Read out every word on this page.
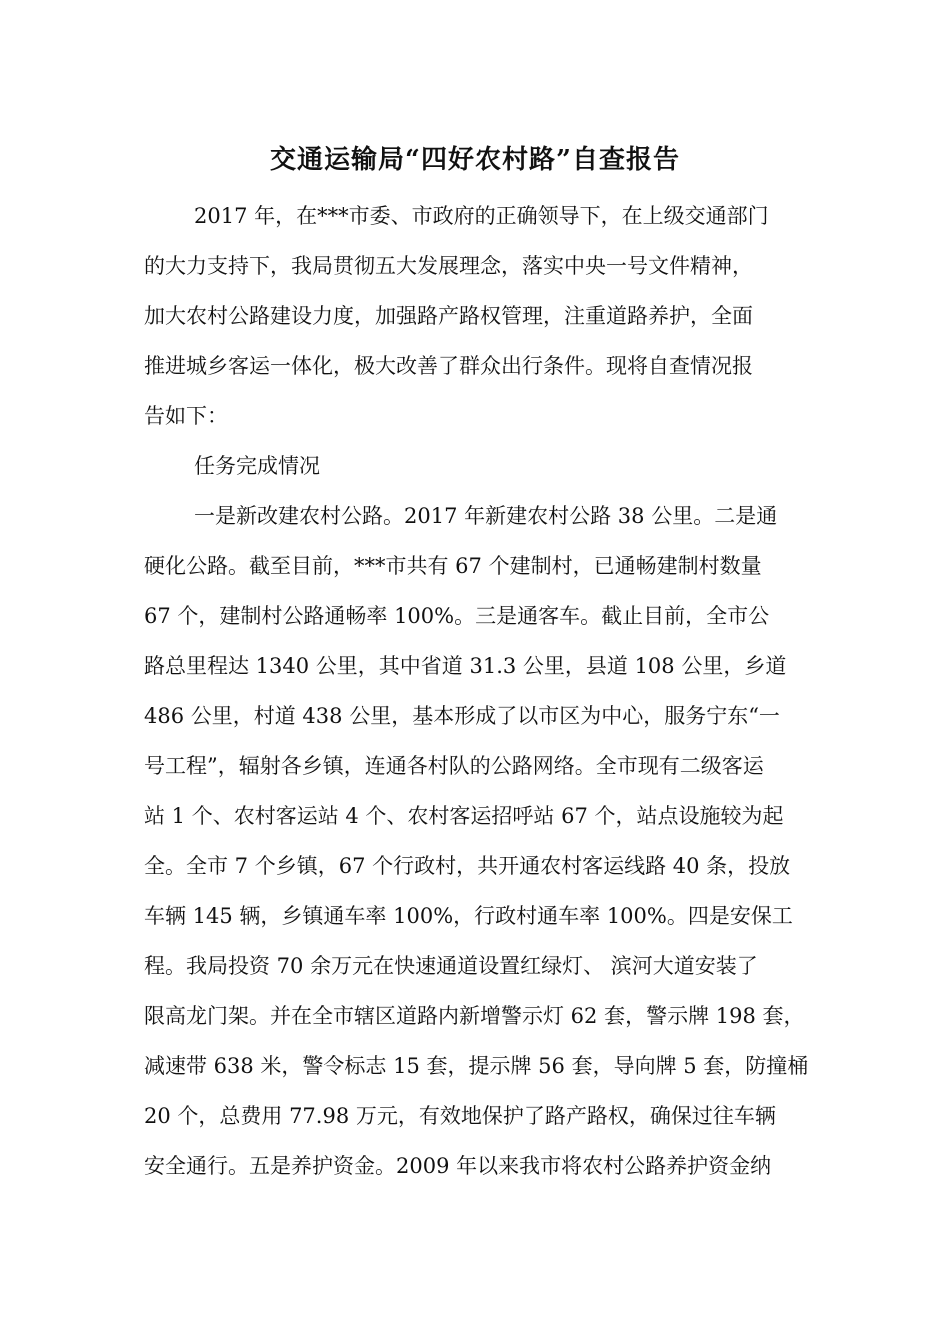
交通运输局“四好农村路”自查报告

2017 年，在***市委、市政府的正确领导下，在上级交通部门

的大力支持下，我局贯彻五大发展理念，落实中央一号文件精神，

加大农村公路建设力度，加强路产路权管理，注重道路养护，全面

推进城乡客运一体化，极大改善了群众出行条件。现将自查情况报

告如下：

任务完成情况

一是新改建农村公路。2017 年新建农村公路 38 公里。二是通

硬化公路。截至目前，***市共有 67 个建制村，已通畅建制村数量

67 个，建制村公路通畅率 100%。三是通客车。截止目前，全市公

路总里程达 1340 公里，其中省道 31.3 公里，县道 108 公里，乡道

486 公里，村道 438 公里，基本形成了以市区为中心，服务宁东“一

号工程”，辐射各乡镇，连通各村队的公路网络。全市现有二级客运

站 1 个、农村客运站 4 个、农村客运招呼站 67 个，站点设施较为起

全。全市 7 个乡镇，67 个行政村，共开通农村客运线路 40 条，投放

车辆 145 辆，乡镇通车率 100%，行政村通车率 100%。四是安保工

程。我局投资 70 余万元在快速通道设置红绿灯、 滨河大道安装了

限高龙门架。并在全市辖区道路内新增警示灯 62 套，警示牌 198 套，

减速带 638 米，警令标志 15 套，提示牌 56 套，导向牌 5 套，防撞桶

20 个，总费用 77.98 万元，有效地保护了路产路权，确保过往车辆

安全通行。五是养护资金。2009 年以来我市将农村公路养护资金纳
